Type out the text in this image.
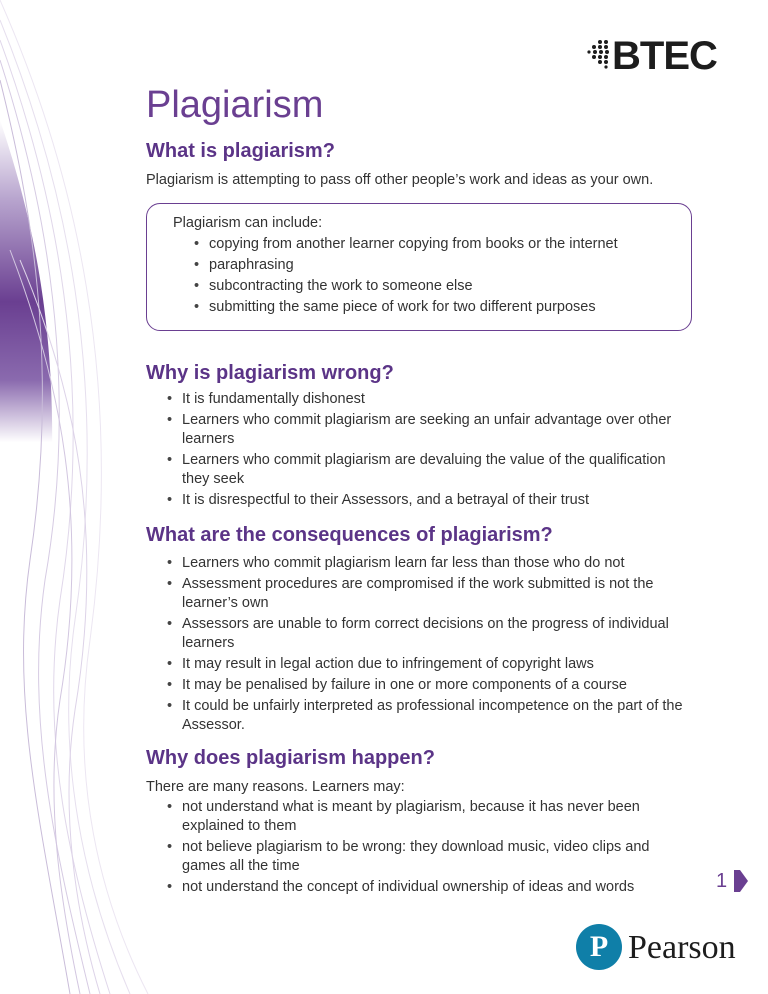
BTEC
Plagiarism
What is plagiarism?

Plagiarism is attempting to pass off other people’s work and ideas as your own.

Plagiarism can include:

• copying from another learner copying from books or the internet
• paraphrasing
• subcontracting the work to someone else
• submitting the same piece of work for two different purposes
Why is plagiarism wrong?
• It is fundamentally dishonest
• Learners who commit plagiarism are seeking an unfair advantage over other learners
• Learners who commit plagiarism are devaluing the value of the qualification they seek
• It is disrespectful to their Assessors, and a betrayal of their trust
What are the consequences of plagiarism?
• Learners who commit plagiarism learn far less than those who do not
• Assessment procedures are compromised if the work submitted is not the learner’s own
• Assessors are unable to form correct decisions on the progress of individual learners
• It may result in legal action due to infringement of copyright laws
• It may be penalised by failure in one or more components of a course
• It could be unfairly interpreted as professional incompetence on the part of the Assessor.
Why does plagiarism happen?

There are many reasons. Learners may:

• not understand what is meant by plagiarism, because it has never been explained to them
• not believe plagiarism to be wrong: they download music, video clips and games all the time
• not understand the concept of individual ownership of ideas and words	1
P Pearson
